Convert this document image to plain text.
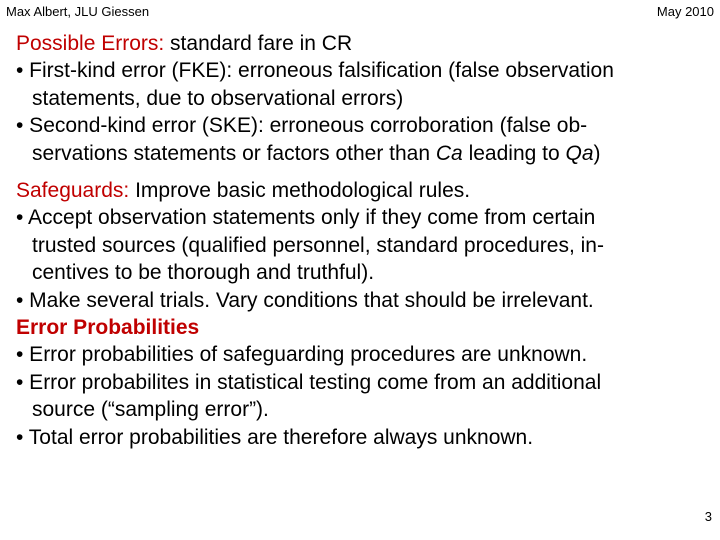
Max Albert, JLU Giessen	May 2010
Possible Errors: standard fare in CR
• First-kind error (FKE): erroneous falsification (false observation
statements, due to observational errors)
• Second-kind error (SKE): erroneous corroboration (false ob-
servations statements or factors other than Ca leading to Qa)
Safeguards: Improve basic methodological rules.
• Accept observation statements only if they come from certain
trusted sources (qualified personnel, standard procedures, in-
centives to be thorough and truthful).
• Make several trials. Vary conditions that should be irrelevant.
Error Probabilities
• Error probabilities of safeguarding procedures are unknown.
• Error probabilites in statistical testing come from an additional
source (“sampling error”).
• Total error probabilities are therefore always unknown.
3
